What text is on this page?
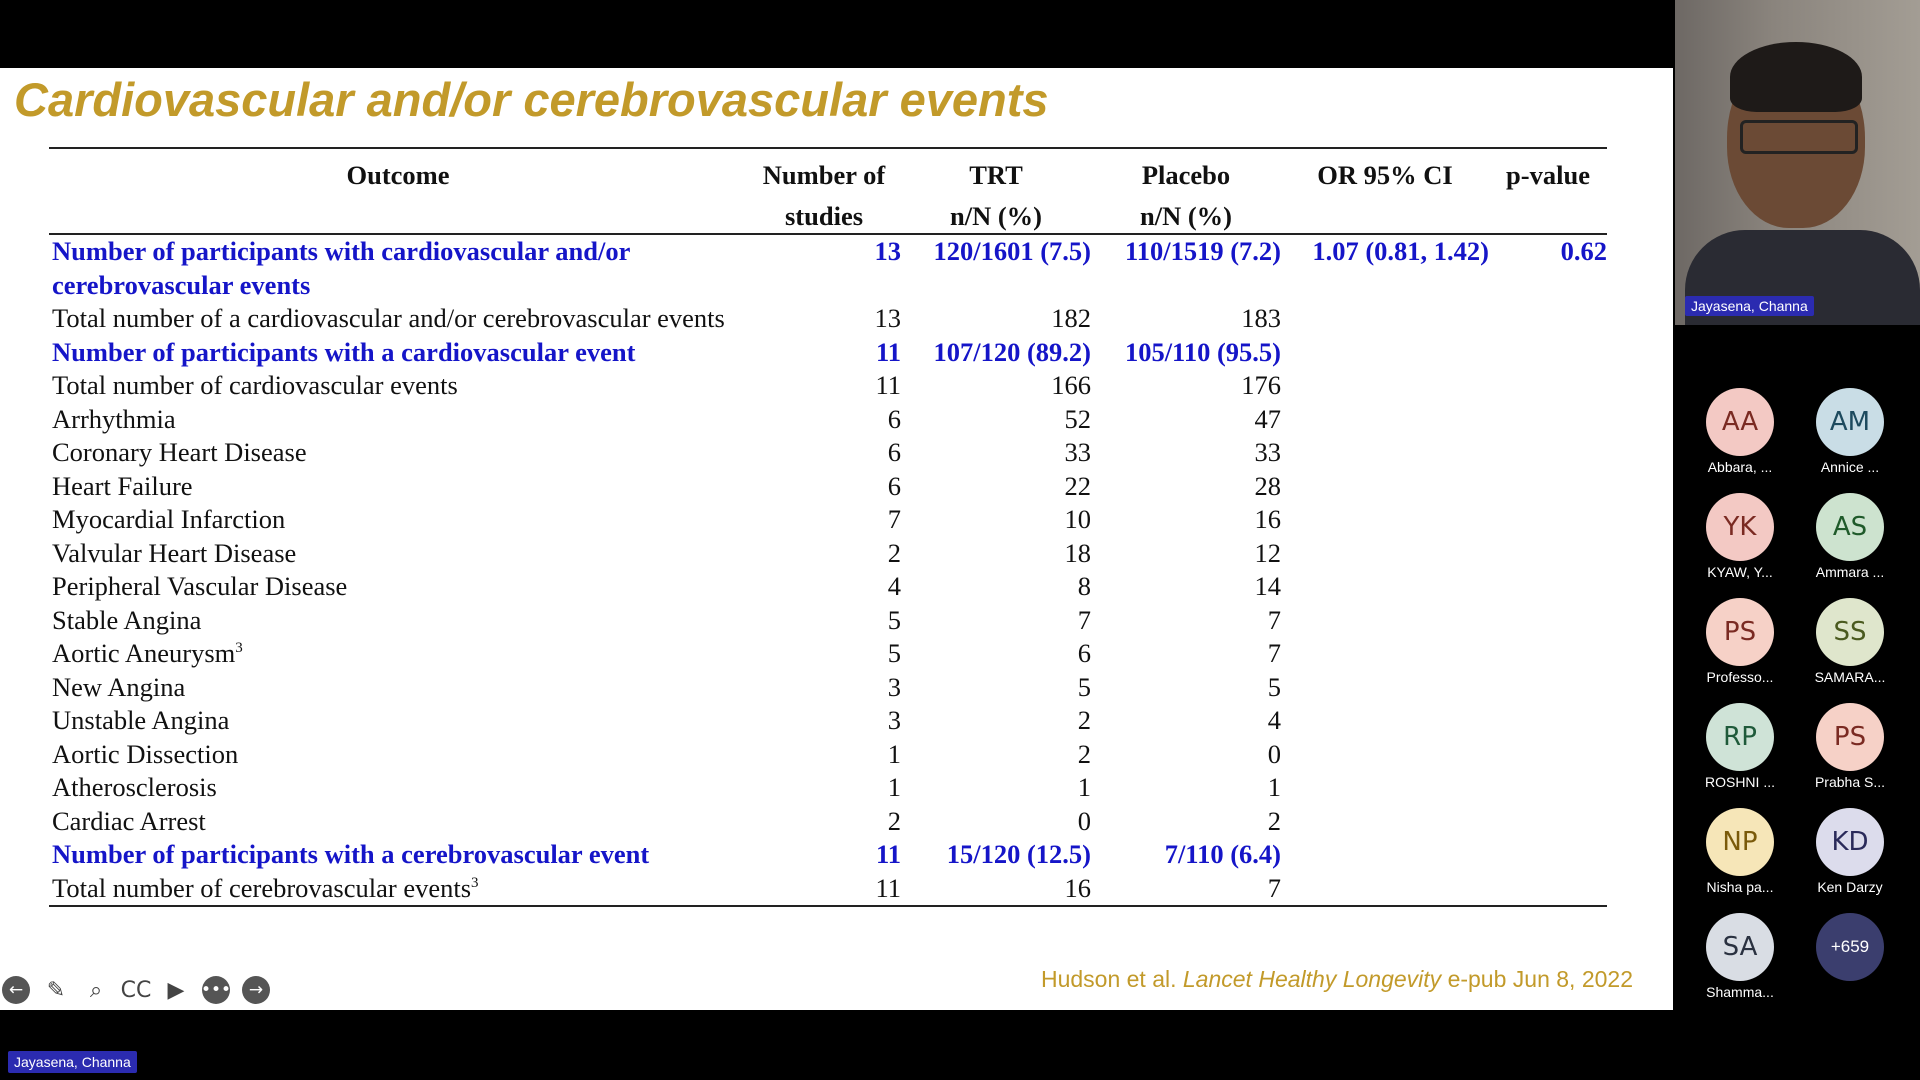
Cardiovascular and/or cerebrovascular events
Outcome	Number of	TRT	Placebo	OR 95% CI	p-value
	studies	n/N (%)	n/N (%)		
Number of participants with cardiovascular and/or cerebrovascular events	13	120/1601 (7.5)	110/1519 (7.2)	1.07 (0.81, 1.42)	0.62
Total number of a cardiovascular and/or cerebrovascular events	13	182	183		
Number of participants with a cardiovascular event	11	107/120 (89.2)	105/110 (95.5)		
Total number of cardiovascular events	11	166	176		
Arrhythmia	6	52	47		
Coronary Heart Disease	6	33	33		
Heart Failure	6	22	28		
Myocardial Infarction	7	10	16		
Valvular Heart Disease	2	18	12		
Peripheral Vascular Disease	4	8	14		
Stable Angina	5	7	7		
Aortic Aneurysm$^3$	5	6	7		
New Angina	3	5	5		
Unstable Angina	3	2	4		
Aortic Dissection	1	2	0		
Atherosclerosis	1	1	1		
Cardiac Arrest	2	0	2		
Number of participants with a cerebrovascular event	11	15/120 (12.5)	7/110 (6.4)		
Total number of cerebrovascular events$^3$	11	16	7		

Hudson et al. Lancet Healthy Longevity e-pub Jun 8, 2022

←	✎	⌕ CC ▶ •••	→
Jayasena, Channa
Jayasena, Channa
AA
Abbara, ...
AM
Annice ...
YK
KYAW, Y...
AS
Ammara ...
PS
Professo...
SS
SAMARA...
RP
ROSHNI ...
PS
Prabha S...
NP
Nisha pa...
KD
Ken Darzy
SA
Shamma...
+659
